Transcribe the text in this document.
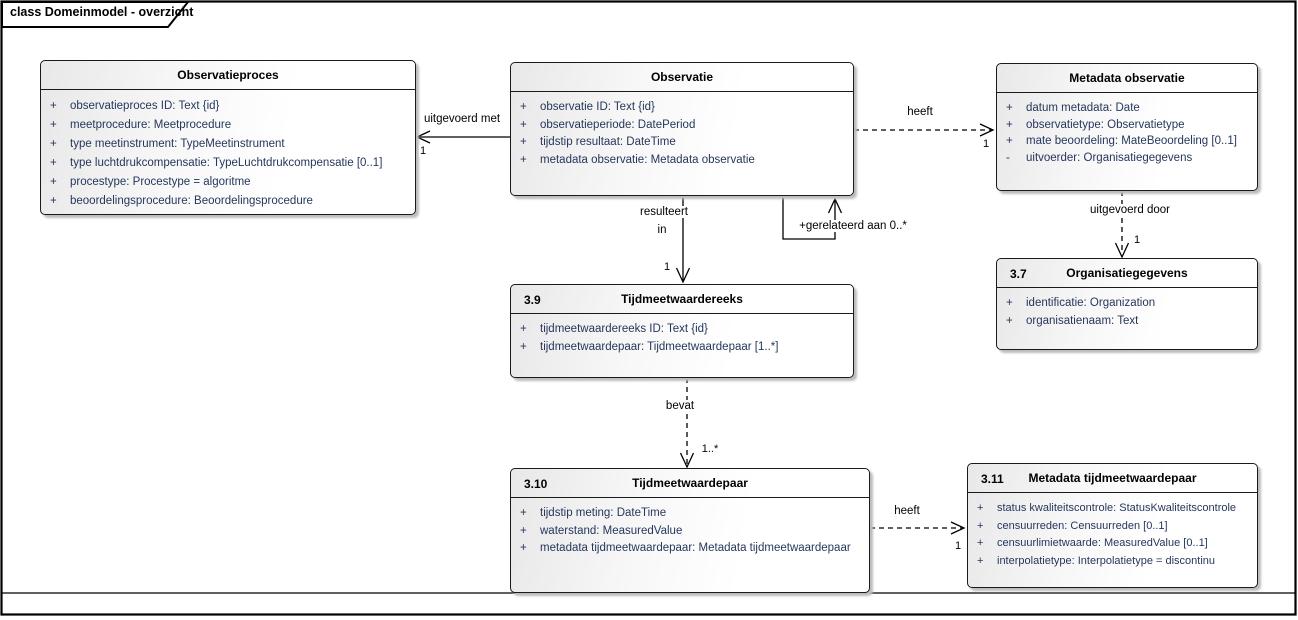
class Domeinmodel - overzicht
Observatieproces
+	observatieproces ID: Text {id}
+	meetprocedure: Meetprocedure
+	type meetinstrument: TypeMeetinstrument
+	type luchtdrukcompensatie: TypeLuchtdrukcompensatie [0..1]
+	procestype: Procestype = algoritme
+	beoordelingsprocedure: Beoordelingsprocedure
Observatie
+	observatie ID: Text {id}
+	observatieperiode: DatePeriod
+	tijdstip resultaat: DateTime
+	metadata observatie: Metadata observatie
Metadata observatie
+	datum metadata: Date
+	observatietype: Observatietype
+	mate beoordeling: MateBeoordeling [0..1]
-	uitvoerder: Organisatiegegevens
3.7	Organisatiegegevens
+	identificatie: Organization
+	organisatienaam: Text
3.9	Tijdmeetwaardereeks
+	tijdmeetwaardereeks ID: Text {id}
+	tijdmeetwaardepaar: Tijdmeetwaardepaar [1..*]
3.10	Tijdmeetwaardepaar
+	tijdstip meting: DateTime
+	waterstand: MeasuredValue
+	metadata tijdmeetwaardepaar: Metadata tijdmeetwaardepaar
3.11 Metadata tijdmeetwaardepaar
+	status kwaliteitscontrole: StatusKwaliteitscontrole
+	censuurreden: Censuurreden [0..1]
+	censuurlimietwaarde: MeasuredValue [0..1]
+	interpolatietype: Interpolatietype = discontinu
uitgevoerd met
1
heeft
1
resulteert
in
1
+gerelateerd aan 0..*
uitgevoerd door
1
bevat
1..*
heeft
1
